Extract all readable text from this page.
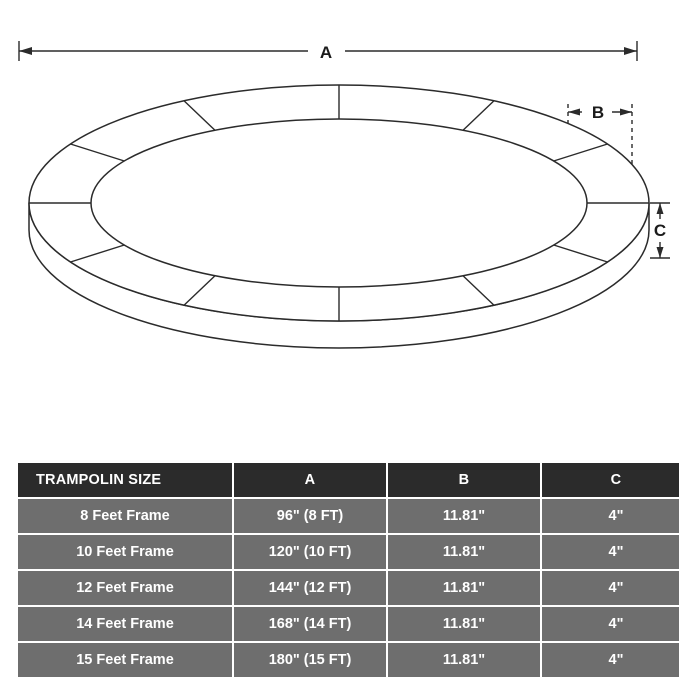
A
B
C
TRAMPOLIN SIZE	A	B	C
8 Feet Frame	96" (8 FT)	11.81"	4"
10 Feet Frame	120" (10 FT)	11.81"	4"
12 Feet Frame	144" (12 FT)	11.81"	4"
14 Feet Frame	168" (14 FT)	11.81"	4"
15 Feet Frame	180" (15 FT)	11.81"	4"
